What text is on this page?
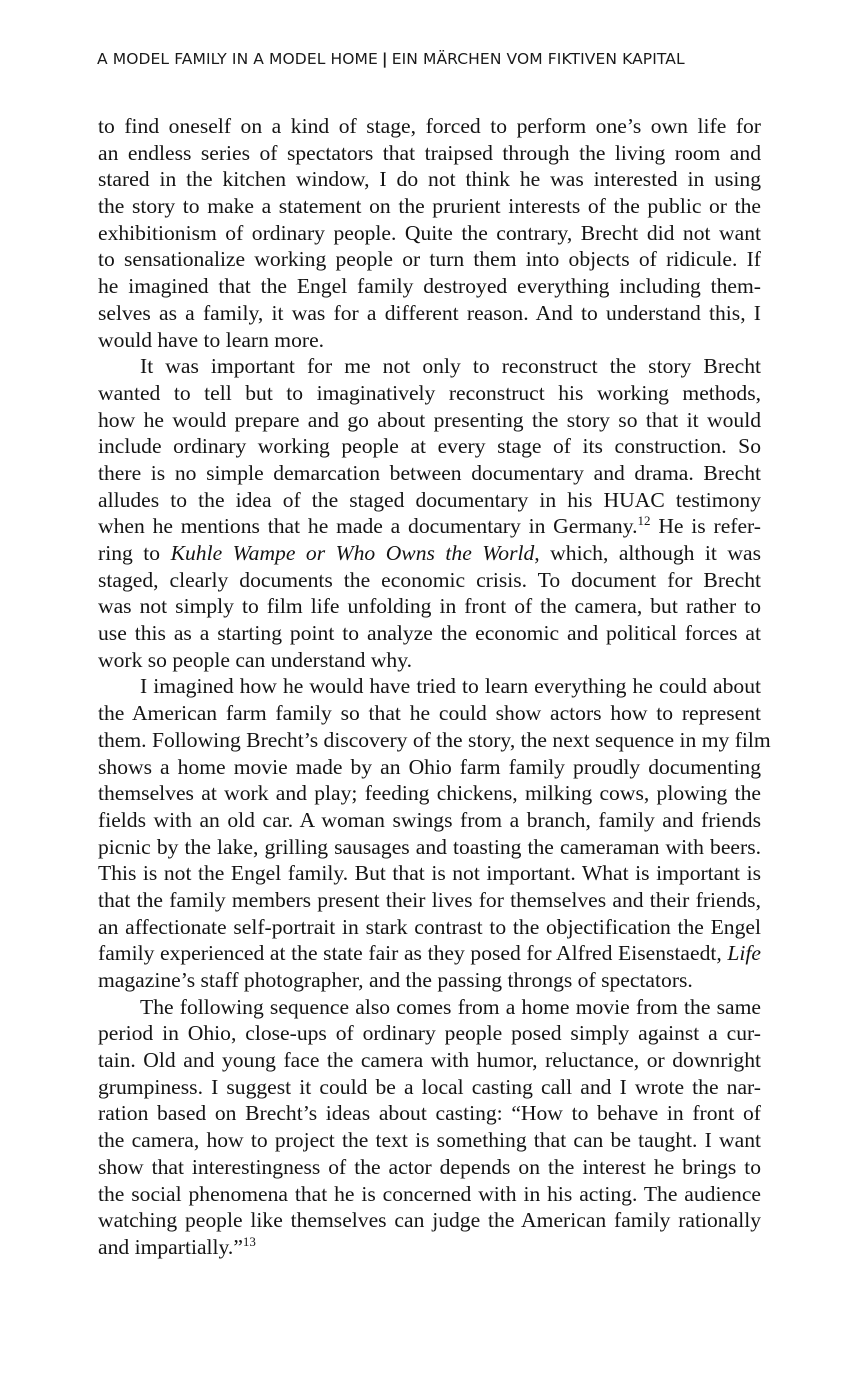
A MODEL FAMILY IN A MODEL HOME | EIN MÄRCHEN VOM FIKTIVEN KAPITAL
to find oneself on a kind of stage, forced to perform one’s own life for
an endless series of spectators that traipsed through the living room and
stared in the kitchen window, I do not think he was interested in using
the story to make a statement on the prurient interests of the public or the
exhibitionism of ordinary people. Quite the contrary, Brecht did not want
to sensationalize working people or turn them into objects of ridicule. If
he imagined that the Engel family destroyed everything including them-
selves as a family, it was for a different reason. And to understand this, I
would have to learn more.
It was important for me not only to reconstruct the story Brecht
wanted to tell but to imaginatively reconstruct his working methods,
how he would prepare and go about presenting the story so that it would
include ordinary working people at every stage of its construction. So
there is no simple demarcation between documentary and drama. Brecht
alludes to the idea of the staged documentary in his HUAC testimony
when he mentions that he made a documentary in Germany.$^{12}$ He is refer-
ring to Kuhle Wampe or Who Owns the World, which, although it was
staged, clearly documents the economic crisis. To document for Brecht
was not simply to film life unfolding in front of the camera, but rather to
use this as a starting point to analyze the economic and political forces at
work so people can understand why.
I imagined how he would have tried to learn everything he could about
the American farm family so that he could show actors how to represent
them. Following Brecht’s discovery of the story, the next sequence in my film
shows a home movie made by an Ohio farm family proudly documenting
themselves at work and play; feeding chickens, milking cows, plowing the
fields with an old car. A woman swings from a branch, family and friends
picnic by the lake, grilling sausages and toasting the cameraman with beers.
This is not the Engel family. But that is not important. What is important is
that the family members present their lives for themselves and their friends,
an affectionate self-portrait in stark contrast to the objectification the Engel
family experienced at the state fair as they posed for Alfred Eisenstaedt, Life
magazine’s staff photographer, and the passing throngs of spectators.
The following sequence also comes from a home movie from the same
period in Ohio, close-ups of ordinary people posed simply against a cur-
tain. Old and young face the camera with humor, reluctance, or downright
grumpiness. I suggest it could be a local casting call and I wrote the nar-
ration based on Brecht’s ideas about casting: “How to behave in front of
the camera, how to project the text is something that can be taught. I want
show that interestingness of the actor depends on the interest he brings to
the social phenomena that he is concerned with in his acting. The audience
watching people like themselves can judge the American family rationally
and impartially.”$^{13}$
